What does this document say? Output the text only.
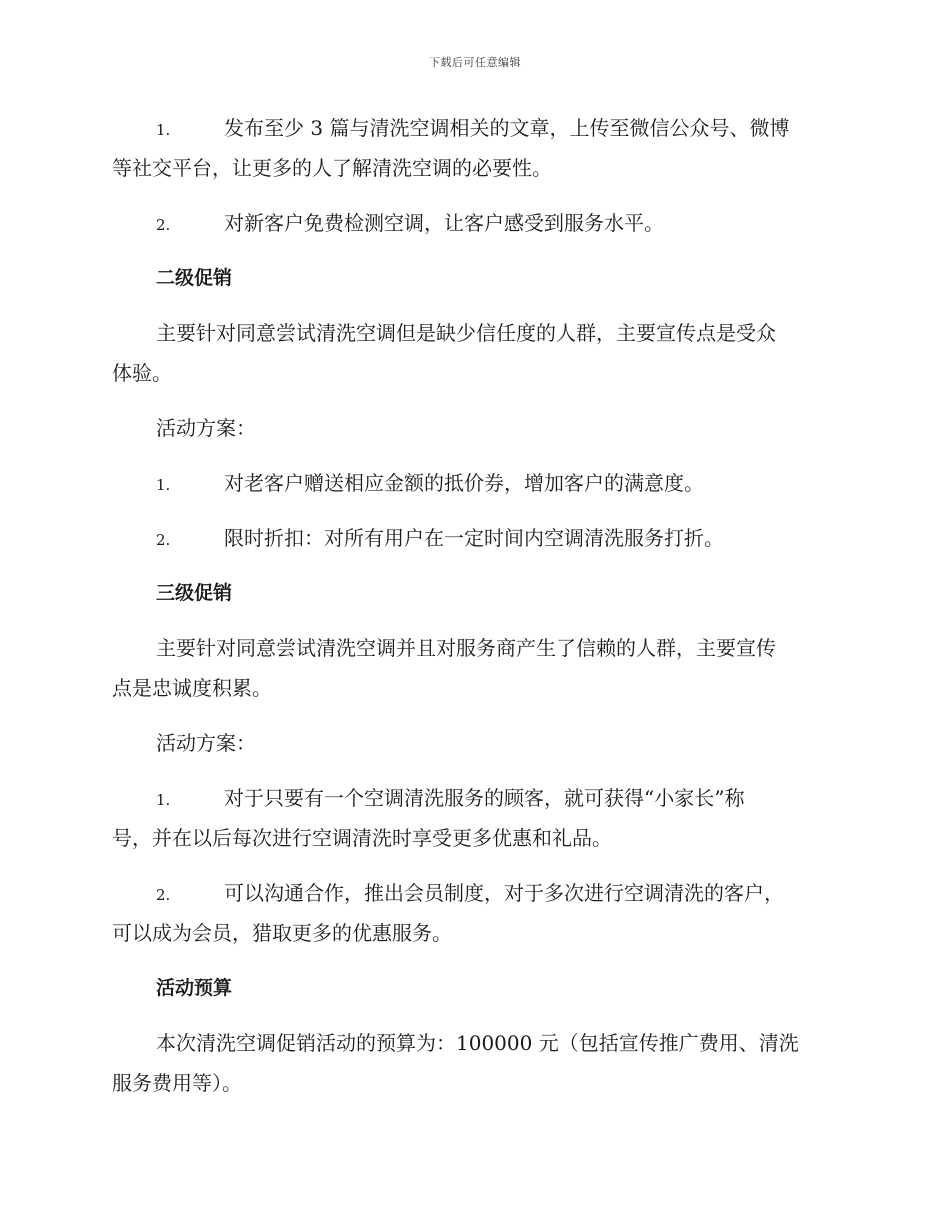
下载后可任意编辑
1.	发布至少 3 篇与清洗空调相关的文章，上传至微信公众号、微博
等社交平台，让更多的人了解清洗空调的必要性。
2.	对新客户免费检测空调，让客户感受到服务水平。
二级促销
主要针对同意尝试清洗空调但是缺少信任度的人群，主要宣传点是受众
体验。
活动方案：
1.	对老客户赠送相应金额的抵价券，增加客户的满意度。
2.	限时折扣：对所有用户在一定时间内空调清洗服务打折。
三级促销
主要针对同意尝试清洗空调并且对服务商产生了信赖的人群，主要宣传
点是忠诚度积累。
活动方案：
1.	对于只要有一个空调清洗服务的顾客，就可获得“小家长”称
号，并在以后每次进行空调清洗时享受更多优惠和礼品。
2.	可以沟通合作，推出会员制度，对于多次进行空调清洗的客户，
可以成为会员，猎取更多的优惠服务。
活动预算
本次清洗空调促销活动的预算为：100000 元（包括宣传推广费用、清洗
服务费用等）。
